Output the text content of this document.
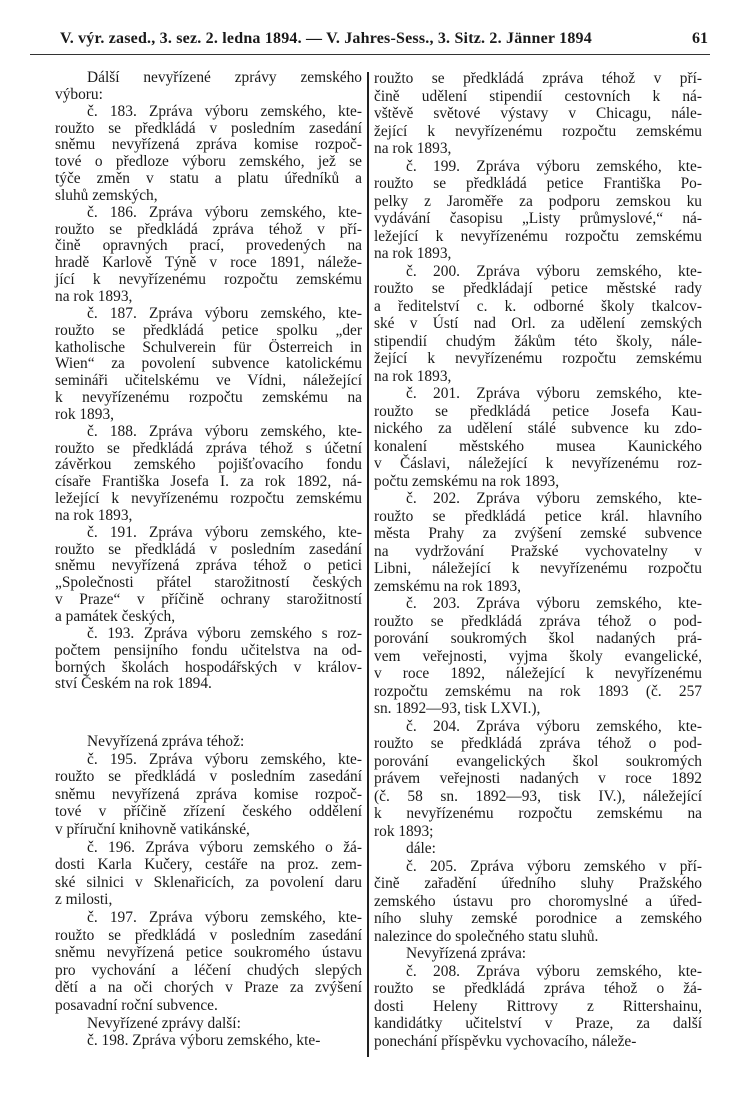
V. výr. zased., 3. sez. 2. ledna 1894. — V. Jahres-Sess., 3. Sitz. 2. Jänner 1894	61
Dálší nevyřízené zprávy zemského
výboru:
č. 183. Zpráva výboru zemského, kte-
roužto se předkládá v posledním zasedání
sněmu nevyřízená zpráva komise rozpoč-
tové o předloze výboru zemského, jež se
týče změn v statu a platu úředníků a
sluhů zemských,
č. 186. Zpráva výboru zemského, kte-
roužto se předkládá zpráva téhož v pří-
čině opravných prací, provedených na
hradě Karlově Týně v roce 1891, náleže-
jící k nevyřízenému rozpočtu zemskému
na rok 1893,
č. 187. Zpráva výboru zemského, kte-
roužto se předkládá petice spolku „der
katholische Schulverein für Österreich in
Wien“ za povolení subvence katolickému
semináři učitelskému ve Vídni, náležející
k nevyřízenému rozpočtu zemskému na
rok 1893,
č. 188. Zpráva výboru zemského, kte-
roužto se předkládá zpráva téhož s účetní
závěrkou zemského pojišťovacího fondu
císaře Františka Josefa I. za rok 1892, ná-
ležející k nevyřízenému rozpočtu zemskému
na rok 1893,
č. 191. Zpráva výboru zemského, kte-
roužto se předkládá v posledním zasedání
sněmu nevyřízená zpráva téhož o petici
„Společnosti přátel starožitností českých
v Praze“ v příčině ochrany starožitností
a památek českých,
č. 193. Zpráva výboru zemského s roz-
počtem pensijního fondu učitelstva na od-
borných školách hospodářských v králov-
ství Českém na rok 1894.
Nevyřízená zpráva téhož:
č. 195. Zpráva výboru zemského, kte-
roužto se předkládá v posledním zasedání
sněmu nevyřízená zpráva komise rozpoč-
tové v příčině zřízení českého oddělení
v příruční knihovně vatikánské,
č. 196. Zpráva výboru zemského o žá-
dosti Karla Kučery, cestáře na proz. zem-
ské silnici v Sklenařicích, za povolení daru
z milosti,
č. 197. Zpráva výboru zemského, kte-
roužto se předkládá v posledním zasedání
sněmu nevyřízená petice soukromého ústavu
pro vychování a léčení chudých slepých
dětí a na oči chorých v Praze za zvýšení
posavadní roční subvence.
Nevyřízené zprávy další:
č. 198. Zpráva výboru zemského, kte-
roužto se předkládá zpráva téhož v pří-
čině udělení stipendií cestovních k ná-
vštěvě světové výstavy v Chicagu, nále-
žející k nevyřízenému rozpočtu zemskému
na rok 1893,
č. 199. Zpráva výboru zemského, kte-
roužto se předkládá petice Františka Po-
pelky z Jaroměře za podporu zemskou ku
vydávání časopisu „Listy průmyslové,“ ná-
ležející k nevyřízenému rozpočtu zemskému
na rok 1893,
č. 200. Zpráva výboru zemského, kte-
roužto se předkládají petice městské rady
a ředitelství c. k. odborné školy tkalcov-
ské v Ústí nad Orl. za udělení zemských
stipendií chudým žákům této školy, nále-
žející k nevyřízenému rozpočtu zemskému
na rok 1893,
č. 201. Zpráva výboru zemského, kte-
roužto se předkládá petice Josefa Kau-
nického za udělení stálé subvence ku zdo-
konalení městského musea Kaunického
v Čáslavi, náležející k nevyřízenému roz-
počtu zemskému na rok 1893,
č. 202. Zpráva výboru zemského, kte-
roužto se předkládá petice král. hlavního
města Prahy za zvýšení zemské subvence
na vydržování Pražské vychovatelny v
Libni, náležející k nevyřízenému rozpočtu
zemskému na rok 1893,
č. 203. Zpráva výboru zemského, kte-
roužto se předkládá zpráva téhož o pod-
porování soukromých škol nadaných prá-
vem veřejnosti, vyjma školy evangelické,
v roce 1892, náležející k nevyřízenému
rozpočtu zemskému na rok 1893 (č. 257
sn. 1892—93, tisk LXVI.),
č. 204. Zpráva výboru zemského, kte-
roužto se předkládá zpráva téhož o pod-
porování evangelických škol soukromých
právem veřejnosti nadaných v roce 1892
(č. 58 sn. 1892—93, tisk IV.), náležející
k nevyřízenému rozpočtu zemskému na
rok 1893;
dále:
č. 205. Zpráva výboru zemského v pří-
čině zařadění úředního sluhy Pražského
zemského ústavu pro choromyslné a úřed-
ního sluhy zemské porodnice a zemského
nalezince do společného statu sluhů.
Nevyřízená zpráva:
č. 208. Zpráva výboru zemského, kte-
roužto se předkládá zpráva téhož o žá-
dosti Heleny Rittrovy z Rittershainu,
kandidátky učitelství v Praze, za další
ponechání příspěvku vychovacího, náleže-
